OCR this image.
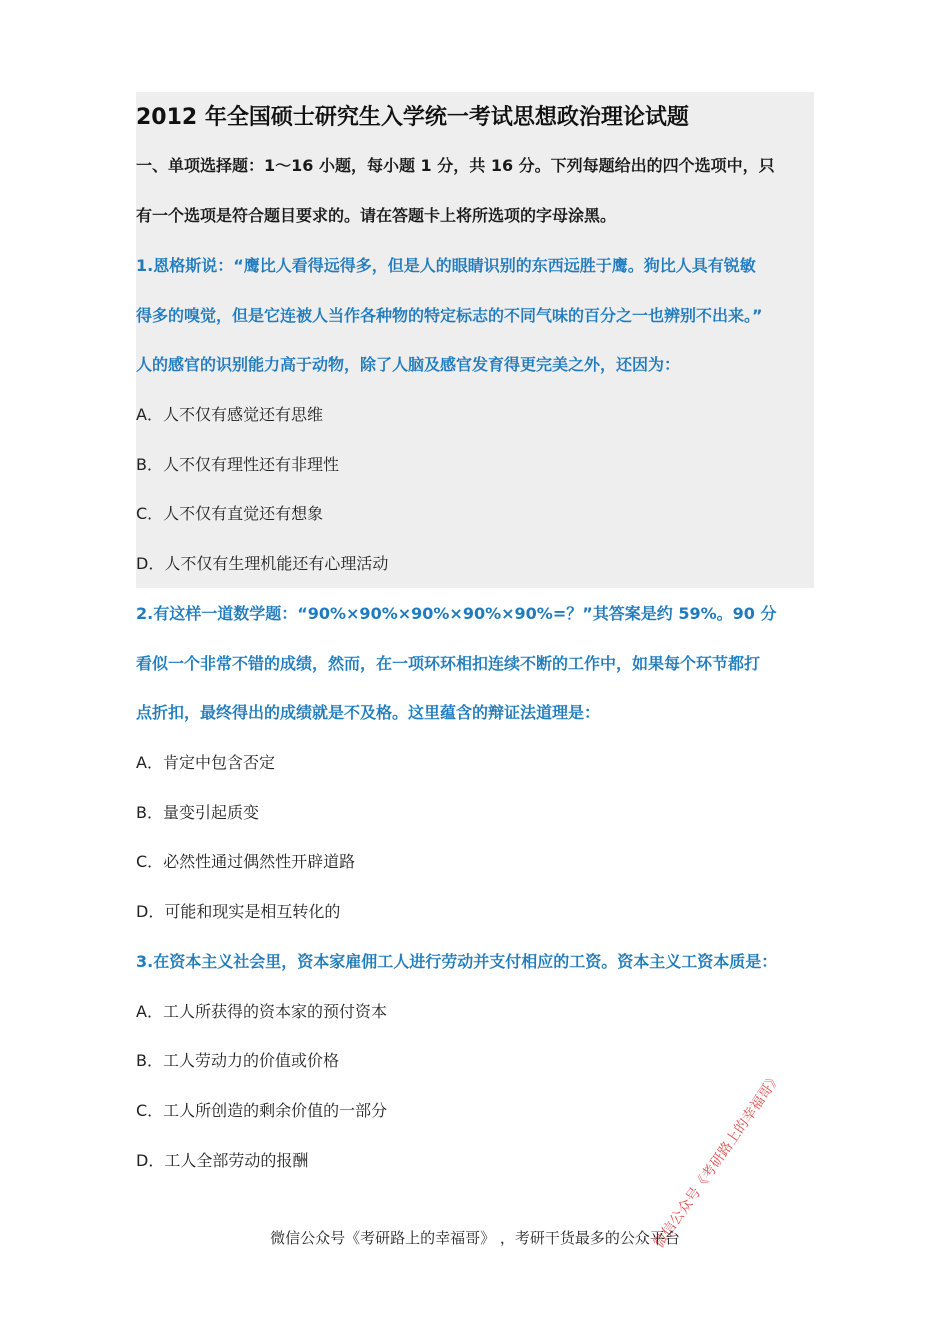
2012 年全国硕士研究生入学统一考试思想政治理论试题
一、单项选择题：1～16 小题，每小题 1 分，共 16 分。下列每题给出的四个选项中，只
有一个选项是符合题目要求的。请在答题卡上将所选项的字母涂黑。
1.恩格斯说：“鹰比人看得远得多，但是人的眼睛识别的东西远胜于鹰。狗比人具有锐敏
得多的嗅觉，但是它连被人当作各种物的特定标志的不同气味的百分之一也辨别不出来。”
人的感官的识别能力高于动物，除了人脑及感官发育得更完美之外，还因为：
A．人不仅有感觉还有思维
B．人不仅有理性还有非理性
C．人不仅有直觉还有想象
D．人不仅有生理机能还有心理活动
2.有这样一道数学题：“90%×90%×90%×90%×90%=？”其答案是约 59%。90 分
看似一个非常不错的成绩，然而，在一项环环相扣连续不断的工作中，如果每个环节都打
点折扣，最终得出的成绩就是不及格。这里蕴含的辩证法道理是：
A．肯定中包含否定
B．量变引起质变
C．必然性通过偶然性开辟道路
D．可能和现实是相互转化的
3.在资本主义社会里，资本家雇佣工人进行劳动并支付相应的工资。资本主义工资本质是：
A．工人所获得的资本家的预付资本
B．工人劳动力的价值或价格
C．工人所创造的剩余价值的一部分
D．工人全部劳动的报酬	微信公众号《考研路上的幸福哥》
微信公众号《考研路上的幸福哥》 ，考研干货最多的公众平台
